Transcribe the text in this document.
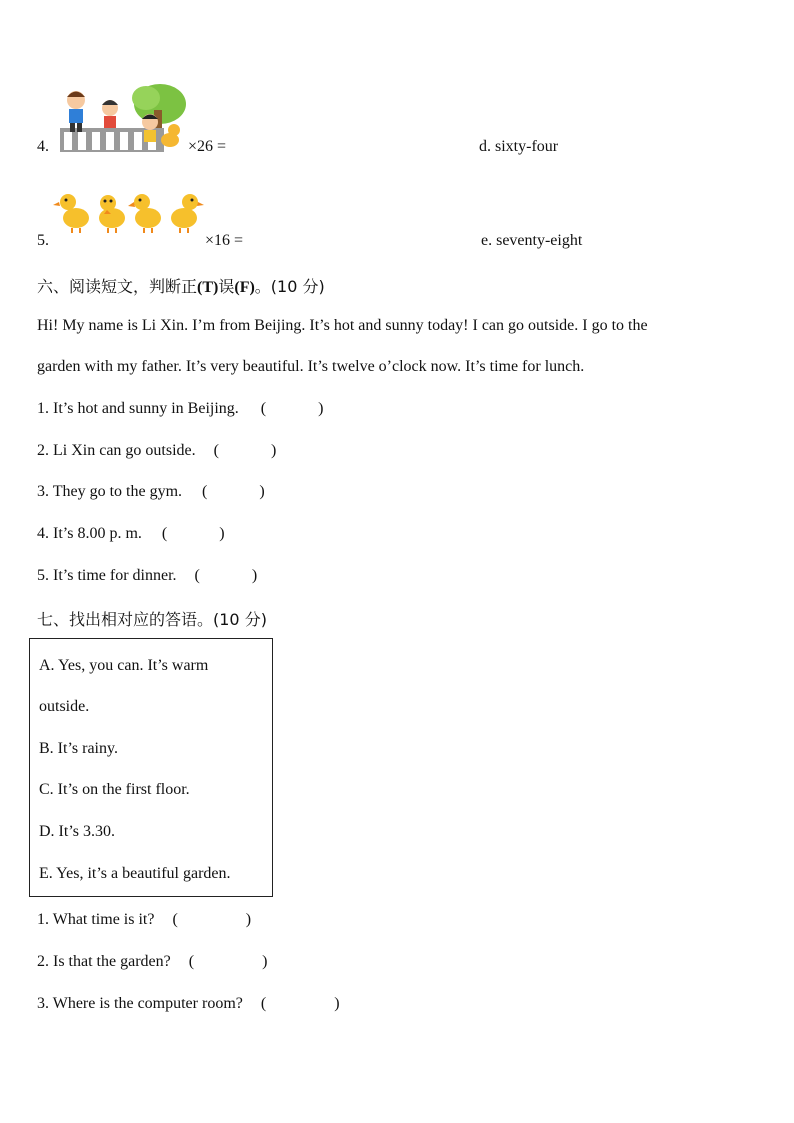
4.	×26 =	d. sixty-four
5.	×16 =	e. seventy-eight
六、阅读短文，判断正(T)误(F)。(10 分)
Hi! My name is Li Xin. I’m from Beijing. It’s hot and sunny today! I can go outside. I go to the
garden with my father. It’s very beautiful. It’s twelve o’clock now. It’s time for lunch.
1. It’s hot and sunny in Beijing. (	)
2. Li Xin can go outside. (	)
3. They go to the gym. (	)
4. It’s 8.00 p. m. (	)
5. It’s time for dinner. (	)
七、找出相对应的答语。(10 分)
A. Yes, you can. It’s warm
outside.
B. It’s rainy.
C. It’s on the first floor.
D. It’s 3.30.
E. Yes, it’s a beautiful garden.
1. What time is it? (	)
2. Is that the garden? (	)
3. Where is the computer room? (	)
